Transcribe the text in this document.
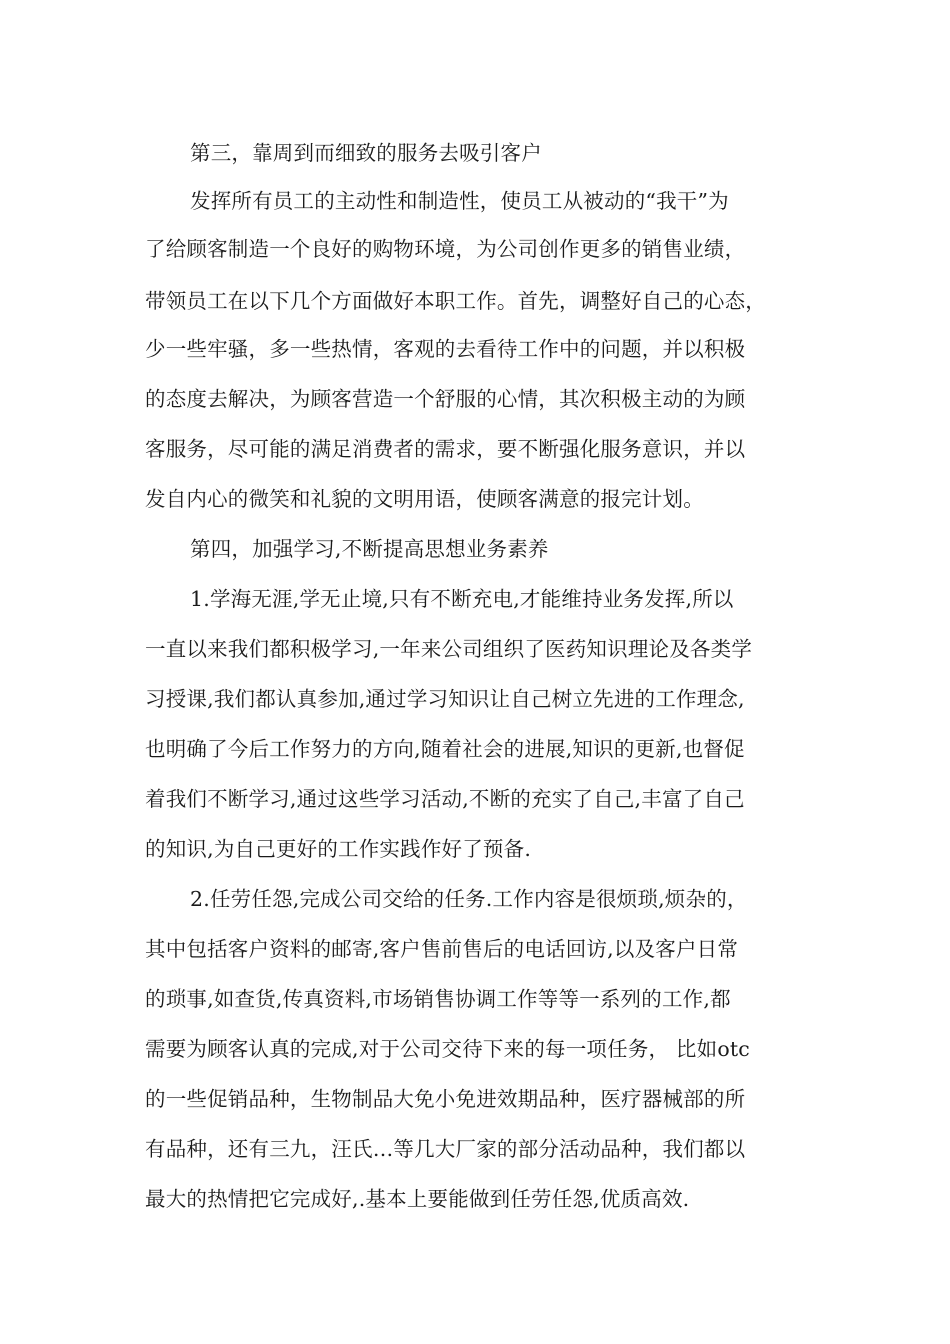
第三，靠周到而细致的服务去吸引客户
发挥所有员工的主动性和制造性，使员工从被动的“我干”为
了给顾客制造一个良好的购物环境，为公司创作更多的销售业绩，
带领员工在以下几个方面做好本职工作。首先，调整好自己的心态，
少一些牢骚，多一些热情，客观的去看待工作中的问题，并以积极
的态度去解决，为顾客营造一个舒服的心情，其次积极主动的为顾
客服务，尽可能的满足消费者的需求，要不断强化服务意识，并以
发自内心的微笑和礼貌的文明用语，使顾客满意的报完计划。
第四，加强学习,不断提高思想业务素养
1.学海无涯,学无止境,只有不断充电,才能维持业务发挥,所以
一直以来我们都积极学习,一年来公司组织了医药知识理论及各类学
习授课,我们都认真参加,通过学习知识让自己树立先进的工作理念,
也明确了今后工作努力的方向,随着社会的进展,知识的更新,也督促
着我们不断学习,通过这些学习活动,不断的充实了自己,丰富了自己
的知识,为自己更好的工作实践作好了预备.
2.任劳任怨,完成公司交给的任务.工作内容是很烦琐,烦杂的，
其中包括客户资料的邮寄,客户售前售后的电话回访,以及客户日常
的琐事,如查货,传真资料,市场销售协调工作等等一系列的工作,都
需要为顾客认真的完成,对于公司交待下来的每一项任务， 比如otc
的一些促销品种，生物制品大免小免进效期品种，医疗器械部的所
有品种，还有三九，汪氏…等几大厂家的部分活动品种，我们都以
最大的热情把它完成好,.基本上要能做到任劳任怨,优质高效.
